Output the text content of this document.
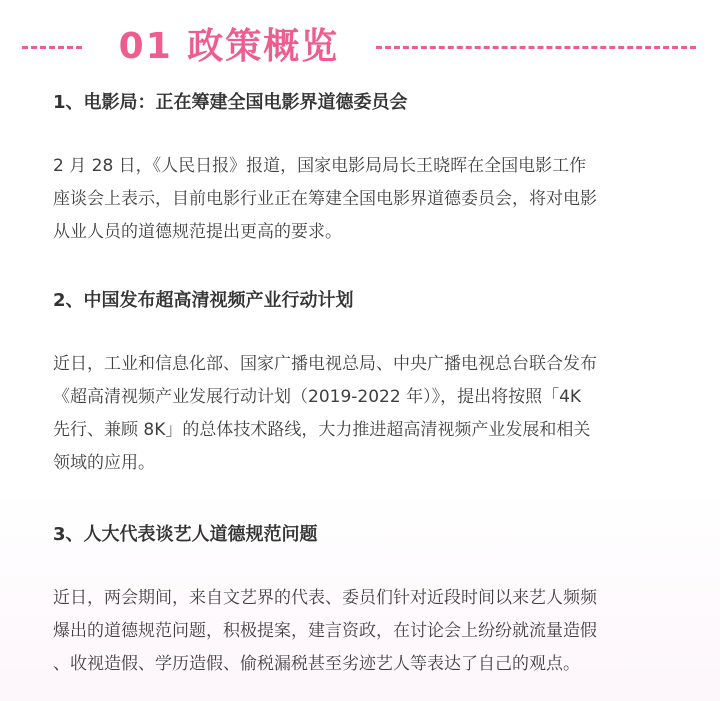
01 政策概览

1、电影局：正在筹建全国电影界道德委员会

2 月 28 日，《人民日报》报道，国家电影局局长王晓晖在全国电影工作
座谈会上表示，目前电影行业正在筹建全国电影界道德委员会，将对电影
从业人员的道德规范提出更高的要求。

2、中国发布超高清视频产业行动计划

近日，工业和信息化部、国家广播电视总局、中央广播电视总台联合发布
《超高清视频产业发展行动计划（2019-2022 年）》，提出将按照「4K
先行、兼顾 8K」的总体技术路线，大力推进超高清视频产业发展和相关
领域的应用。

3、人大代表谈艺人道德规范问题

近日，两会期间，来自文艺界的代表、委员们针对近段时间以来艺人频频
爆出的道德规范问题，积极提案，建言资政，在讨论会上纷纷就流量造假
、收视造假、学历造假、偷税漏税甚至劣迹艺人等表达了自己的观点。
